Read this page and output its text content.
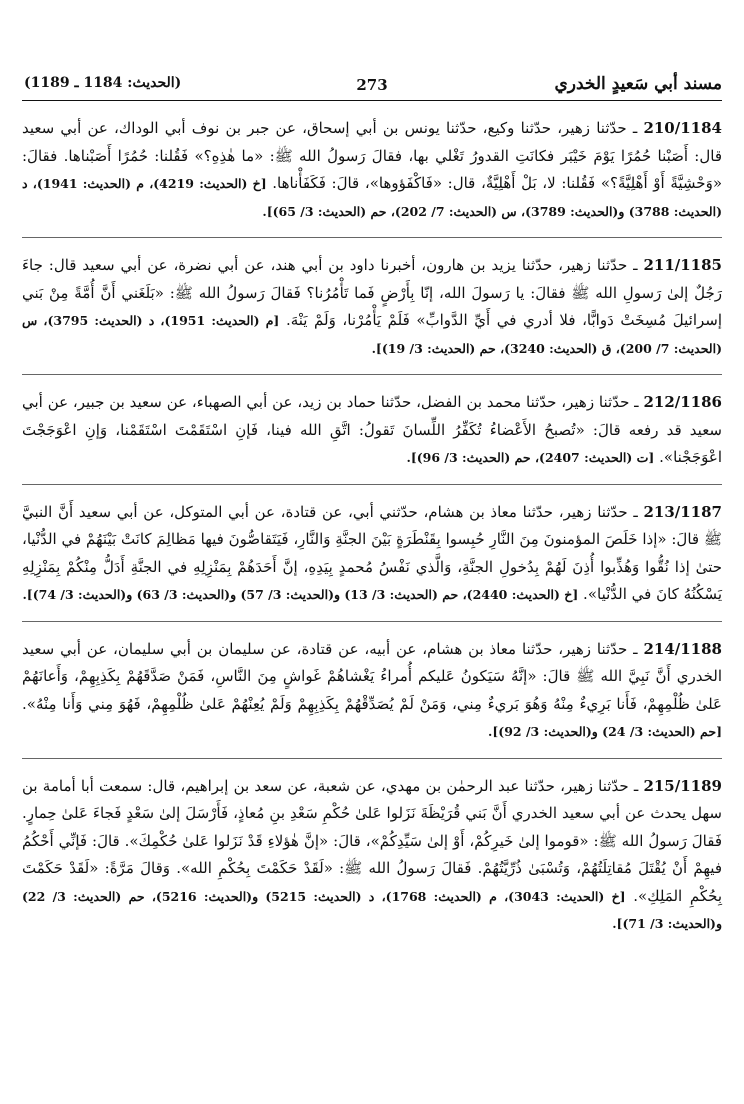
مسند أبي سَعيدٍ الخدري
273
(الحديث: 1184 ـ 1189)
210/1184 ـ حدّثنا زهير، حدّثنا وكيع، حدّثنا يونس بن أبي إسحاق، عن جبر بن نوف أبي الوداك، عن أبي سعيد قال: أَصَبْنا حُمُرًا يَوْمَ خَيْبَر فكانَتِ القدورُ تَغْلي بها، فقالَ رَسولُ الله ﷺ: «ما هٰذِهِ؟» فَقُلنا: حُمُرًا أَصَبْناها. فقالَ: «وَحْشِيَّةً أَوْ أَهْلِيَّةً؟» فَقُلنا: لا، بَلْ أَهْلِيَّةٌ، قال: «فَاكْفَؤوها»، قالَ: فَكَفَأْناها. [خ (الحديث: 4219)، م (الحديث: 1941)، د (الحديث: 3788) و(الحديث: 3789)، س (الحديث: 7/ 202)، حم (الحديث: 3/ 65)].
211/1185 ـ حدّثنا زهير، حدّثنا يزيد بن هارون، أخبرنا داود بن أبي هند، عن أبي نضرة، عن أبي سعيد قال: جاءَ رَجُلٌ إلىٰ رَسولِ الله ﷺ فقالَ: يا رَسولَ الله، إنّا بِأَرْضٍ فَما تَأْمُرُنا؟ فَقالَ رَسولُ الله ﷺ: «بَلَغَني أَنَّ أُمَّةً مِنْ بَني إسرائيلَ مُسِخَتْ دَوابًّا، فلا أدري في أَيِّ الدَّوابِّ» فَلَمْ يَأْمُرْنا، وَلَمْ يَنْهَ. [م (الحديث: 1951)، د (الحديث: 3795)، س (الحديث: 7/ 200)، ق (الحديث: 3240)، حم (الحديث: 3/ 19)].
212/1186 ـ حدّثنا زهير، حدّثنا محمد بن الفضل، حدّثنا حماد بن زيد، عن أبي الصهباء، عن سعيد بن جبير، عن أبي سعيد قد رفعه قالَ: «تُصبحُ الأَعْضاءُ تُكَفِّرُ اللِّسانَ تَقولُ: اتَّقِ الله فينا، فَإنِ اسْتَقَمْتَ اسْتَقَمْنا، وَإنِ اعْوَجَجْتَ اعْوَجَجْنا». [ت (الحديث: 2407)، حم (الحديث: 3/ 96)].
213/1187 ـ حدّثنا زهير، حدّثنا معاذ بن هشام، حدّثني أبي، عن قتادة، عن أبي المتوكل، عن أبي سعيد أَنَّ النبيَّ ﷺ قالَ: «إذا خَلَصَ المؤمنونَ مِنَ النَّارِ حُبِسوا بِقَنْطَرَةٍ بَيْنَ الجنَّةِ وَالنَّارِ، فَيَتَقاصُّونَ فيها مَظالِمَ كانَتْ بَيْنَهُمْ في الدُّنْيا، حتىٰ إذا نُقُّوا وَهُذِّبوا أُذِنَ لَهُمْ بِدُخولِ الجنَّةِ، وَالَّذي نَفْسُ مُحمدٍ بِيَدِهِ، إنَّ أَحَدَهُمْ بِمَنْزِلِهِ في الجنَّةِ أَدَلُّ مِنْكُمْ بِمَنْزِلِهِ يَسْكُنُهُ كانَ في الدُّنْيا». [خ (الحديث: 2440)، حم (الحديث: 3/ 13) و(الحديث: 3/ 57) و(الحديث: 3/ 63) و(الحديث: 3/ 74)].
214/1188 ـ حدّثنا زهير، حدّثنا معاذ بن هشام، عن أبيه، عن قتادة، عن سليمان بن أبي سليمان، عن أبي سعيد الخدري أَنَّ نَبِيَّ الله ﷺ قالَ: «إنَّهُ سَيَكونُ عَليكم أُمراءُ يَغْشاهُمْ غَواشٍ مِنَ النَّاسِ، فَمَنْ صَدَّقَهُمْ بِكَذِبِهِمْ، وَأَعانَهُمْ عَلىٰ ظُلْمِهِمْ، فَأَنا بَرِيءٌ مِنْهُ وَهُوَ بَريءٌ مِني، وَمَنْ لَمْ يُصَدِّقْهُمْ بِكَذِبِهِمْ وَلَمْ يُعِنْهُمْ عَلىٰ ظُلْمِهِمْ، فَهُوَ مِني وَأَنا مِنْهُ». [حم (الحديث: 3/ 24) و(الحديث: 3/ 92)].
215/1189 ـ حدّثنا زهير، حدّثنا عبد الرحمٰن بن مهدي، عن شعبة، عن سعد بن إبراهيم، قال: سمعت أبا أمامة بن سهل يحدث عن أبي سعيد الخدري أَنَّ بَني قُرَيْظَةَ نَزَلوا عَلىٰ حُكْمِ سَعْدِ بنِ مُعاذٍ، فَأَرْسَلَ إلىٰ سَعْدٍ فَجاءَ عَلىٰ حِمارٍ. فَقالَ رَسولُ الله ﷺ: «قوموا إلىٰ خَيرِكُمْ، أَوْ إلىٰ سَيِّدِكُمْ»، قالَ: «إنَّ هٰؤلاءِ قَدْ نَزَلوا عَلىٰ حُكْمِكَ». قالَ: فَإنِّي أَحْكُمُ فيهِمْ أَنْ يُقْتَلَ مُقاتِلَتُهُمْ، وَتُسْبَىٰ ذُرِّيَّتُهُمْ. فَقالَ رَسولُ الله ﷺ: «لَقَدْ حَكَمْتَ بِحُكْمِ الله». وَقالَ مَرَّةً: «لَقَدْ حَكَمْتَ بِحُكْمِ المَلِكِ». [خ (الحديث: 3043)، م (الحديث: 1768)، د (الحديث: 5215) و(الحديث: 5216)، حم (الحديث: 3/ 22) و(الحديث: 3/ 71)].
